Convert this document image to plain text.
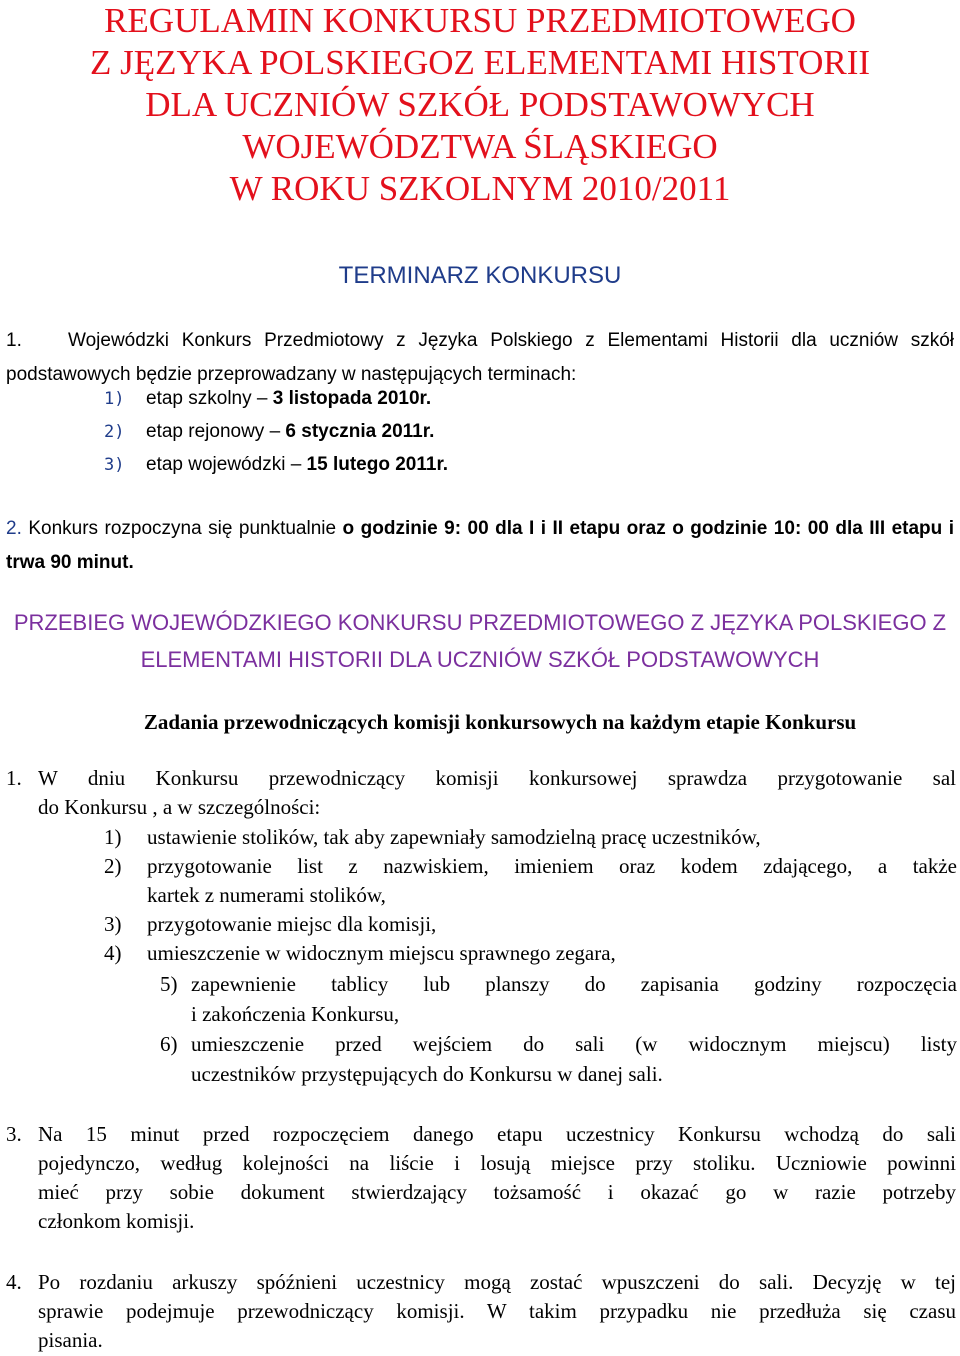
REGULAMIN KONKURSU PRZEDMIOTOWEGO
Z JĘZYKA POLSKIEGOZ ELEMENTAMI HISTORII
DLA UCZNIÓW SZKÓŁ PODSTAWOWYCH
WOJEWÓDZTWA ŚLĄSKIEGO
W ROKU SZKOLNYM 2010/2011
TERMINARZ KONKURSU
1. Wojewódzki Konkurs Przedmiotowy z Języka Polskiego z Elementami Historii dla uczniów szkół podstawowych będzie przeprowadzany w następujących terminach:
1) etap szkolny – 3 listopada 2010r.
2) etap rejonowy – 6 stycznia 2011r.
3) etap wojewódzki – 15 lutego 2011r.
2. Konkurs rozpoczyna się punktualnie o godzinie 9: 00 dla I i II etapu oraz o godzinie 10: 00 dla III etapu i trwa 90 minut.
PRZEBIEG WOJEWÓDZKIEGO KONKURSU PRZEDMIOTOWEGO Z JĘZYKA POLSKIEGO Z ELEMENTAMI HISTORII DLA UCZNIÓW SZKÓŁ PODSTAWOWYCH
Zadania przewodniczących komisji konkursowych na każdym etapie Konkursu
1. W dniu Konkursu przewodniczący komisji konkursowej sprawdza przygotowanie sal
do Konkursu , a w szczególności:
1) ustawienie stolików, tak aby zapewniały samodzielną pracę uczestników,
2) przygotowanie list z nazwiskiem, imieniem oraz kodem zdającego, a także
kartek z numerami stolików,
3) przygotowanie miejsc dla komisji,
4) umieszczenie w widocznym miejscu sprawnego zegara,
5) zapewnienie tablicy lub planszy do zapisania godziny rozpoczęcia
i zakończenia Konkursu,
6) umieszczenie przed wejściem do sali (w widocznym miejscu) listy
uczestników przystępujących do Konkursu w danej sali.
3. Na 15 minut przed rozpoczęciem danego etapu uczestnicy Konkursu wchodzą do sali
pojedynczo, według kolejności na liście i losują miejsce przy stoliku. Uczniowie powinni
mieć przy sobie dokument stwierdzający tożsamość i okazać go w razie potrzeby
członkom komisji.
4. Po rozdaniu arkuszy spóźnieni uczestnicy mogą zostać wpuszczeni do sali. Decyzję w tej
sprawie podejmuje przewodniczący komisji. W takim przypadku nie przedłuża się czasu
pisania.
